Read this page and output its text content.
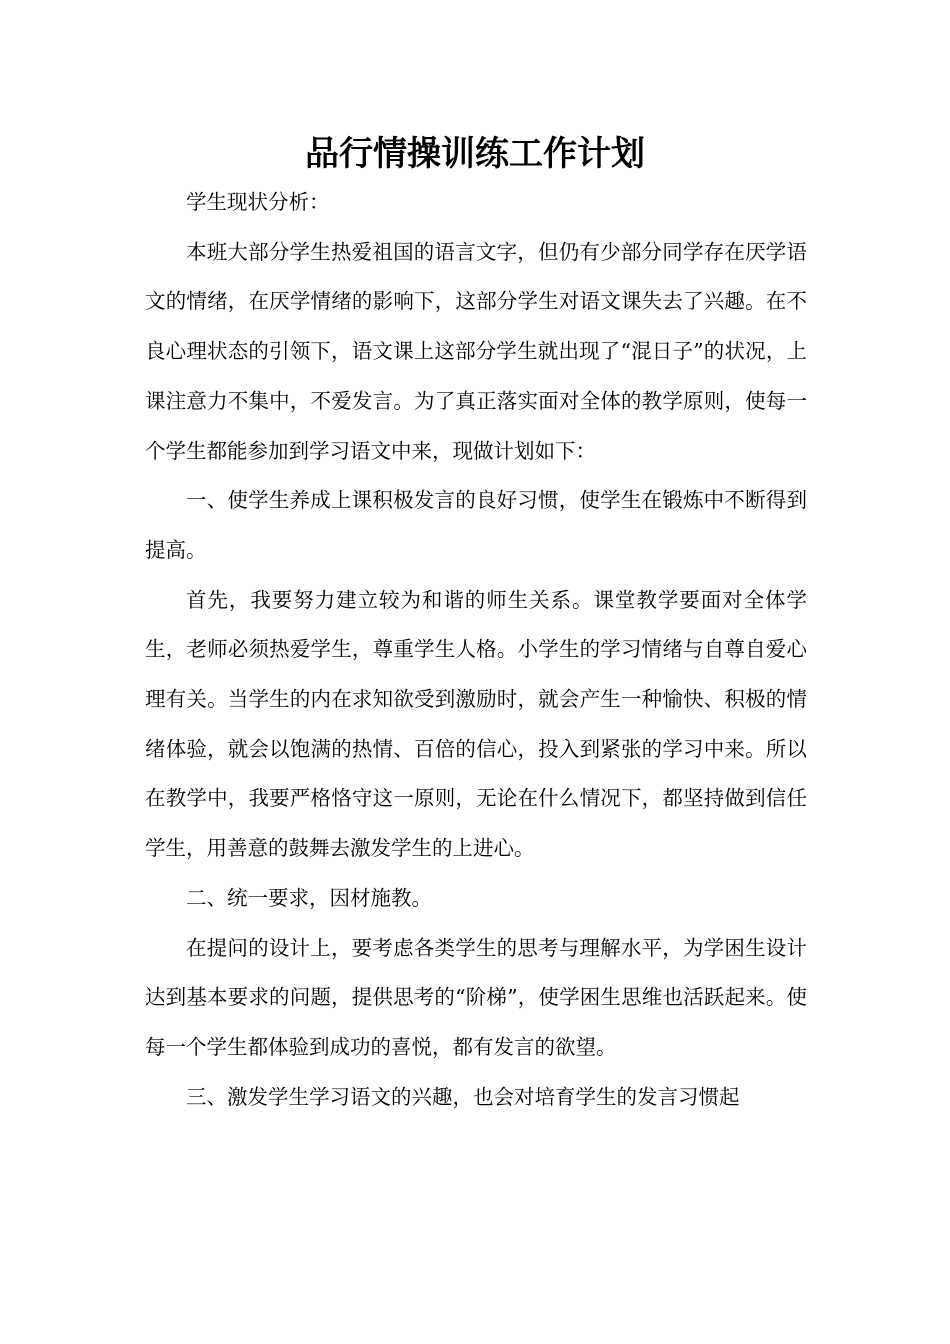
品行情操训练工作计划

学生现状分析：

本班大部分学生热爱祖国的语言文字，但仍有少部分同学存在厌学语文的情绪，在厌学情绪的影响下，这部分学生对语文课失去了兴趣。在不良心理状态的引领下，语文课上这部分学生就出现了“混日子”的状况，上课注意力不集中，不爱发言。为了真正落实面对全体的教学原则，使每一个学生都能参加到学习语文中来，现做计划如下：

一、使学生养成上课积极发言的良好习惯，使学生在锻炼中不断得到提高。

首先，我要努力建立较为和谐的师生关系。课堂教学要面对全体学生，老师必须热爱学生，尊重学生人格。小学生的学习情绪与自尊自爱心理有关。当学生的内在求知欲受到激励时，就会产生一种愉快、积极的情绪体验，就会以饱满的热情、百倍的信心，投入到紧张的学习中来。所以在教学中，我要严格恪守这一原则，无论在什么情况下，都坚持做到信任学生，用善意的鼓舞去激发学生的上进心。

二、统一要求，因材施教。

在提问的设计上，要考虑各类学生的思考与理解水平，为学困生设计达到基本要求的问题，提供思考的“阶梯”，使学困生思维也活跃起来。使每一个学生都体验到成功的喜悦，都有发言的欲望。

三、激发学生学习语文的兴趣，也会对培育学生的发言习惯起
